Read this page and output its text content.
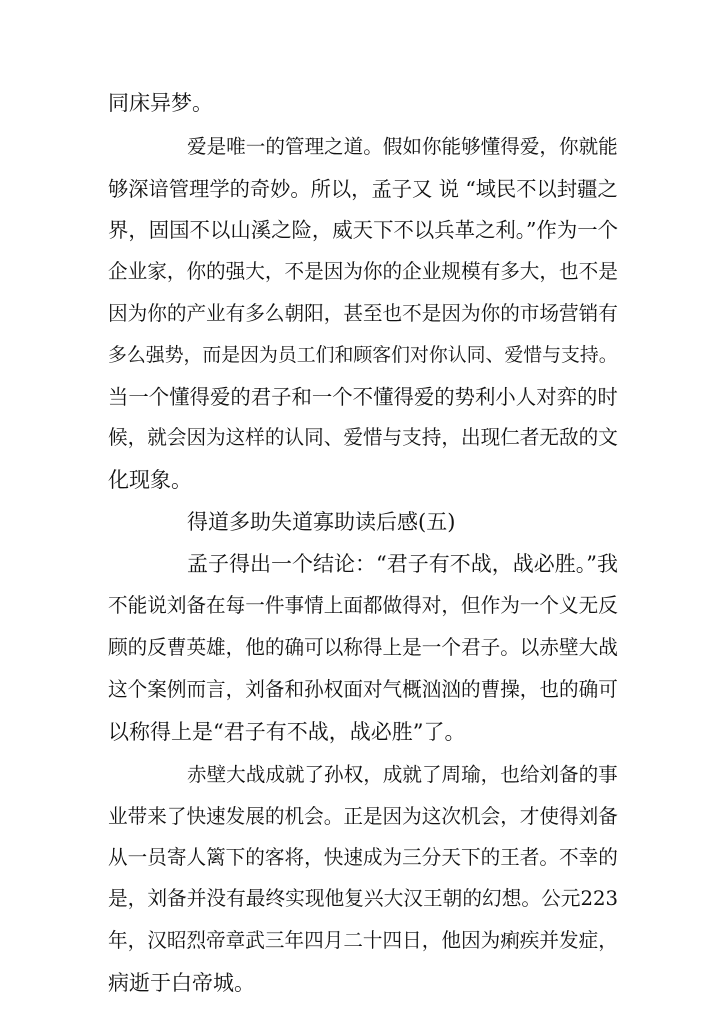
同床异梦。
爱是唯一的管理之道。假如你能够懂得爱，你就能
够深谙管理学的奇妙。所以，孟子又 说 “域民不以封疆之
界，固国不以山溪之险，威天下不以兵革之利。”作为一个
企业家，你的强大，不是因为你的企业规模有多大，也不是
因为你的产业有多么朝阳，甚至也不是因为你的市场营销有
多么强势，而是因为员工们和顾客们对你认同、爱惜与支持。
当一个懂得爱的君子和一个不懂得爱的势利小人对弈的时
候，就会因为这样的认同、爱惜与支持，出现仁者无敌的文
化现象。
得道多助失道寡助读后感(五)
孟子得出一个结论：“君子有不战，战必胜。”我
不能说刘备在每一件事情上面都做得对，但作为一个义无反
顾的反曹英雄，他的确可以称得上是一个君子。以赤壁大战
这个案例而言，刘备和孙权面对气概汹汹的曹操，也的确可
以称得上是“君子有不战，战必胜”了。
赤壁大战成就了孙权，成就了周瑜，也给刘备的事
业带来了快速发展的机会。正是因为这次机会，才使得刘备
从一员寄人篱下的客将，快速成为三分天下的王者。不幸的
是，刘备并没有最终实现他复兴大汉王朝的幻想。公元223
年，汉昭烈帝章武三年四月二十四日，他因为痢疾并发症，
病逝于白帝城。
